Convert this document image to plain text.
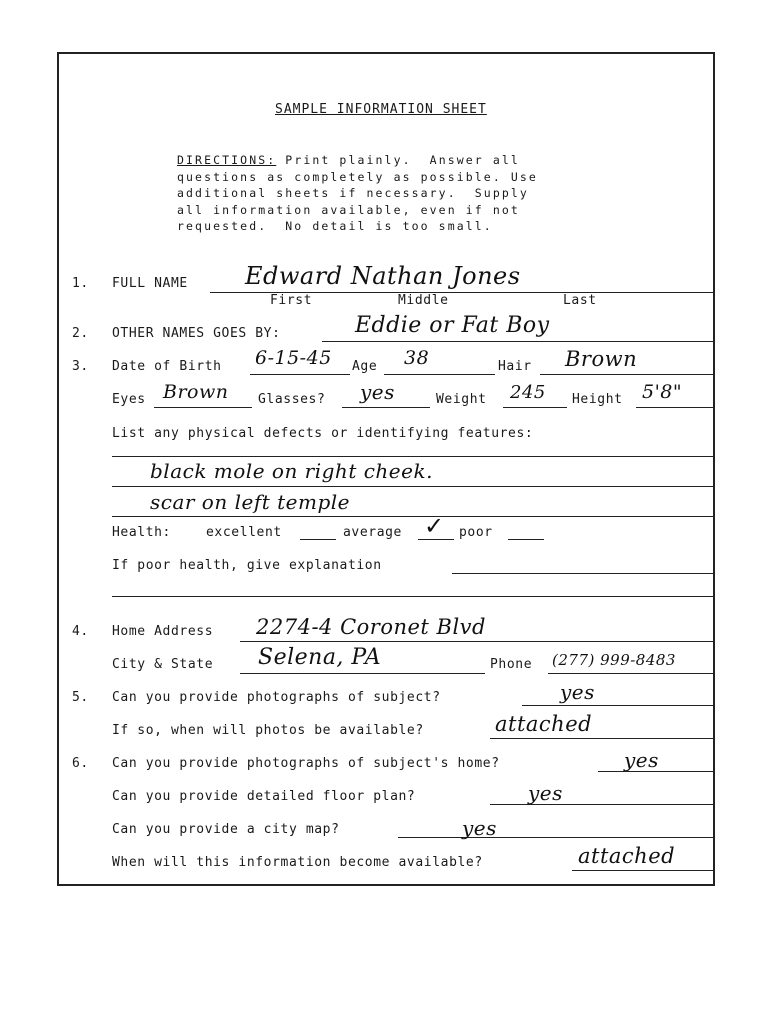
SAMPLE INFORMATION SHEET
DIRECTIONS: Print plainly.  Answer all
questions as completely as possible. Use
additional sheets if necessary.  Supply
all information available, even if not
requested.  No detail is too small.
1. FULL NAME Edward Nathan Jones
First	Middle	Last
2. OTHER NAMES GOES BY:	Eddie or Fat Boy
3. Date of Birth 6-15-45 Age 38	Hair Brown
Eyes Brown Glasses? yes	Weight 245 Height 5'8"
List any physical defects or identifying features:
black mole on right cheek.
scar on left temple
Health:	excellent	average ✓ poor
If poor health, give explanation
4. Home Address 2274-4 Coronet Blvd
City & State Selena, PA	Phone (277) 999-8483
5. Can you provide photographs of subject?	yes
If so, when will photos be available?	attached
6. Can you provide photographs of subject's home?	yes
Can you provide detailed floor plan?	yes
Can you provide a city map?	yes
When will this information become available?	attached
